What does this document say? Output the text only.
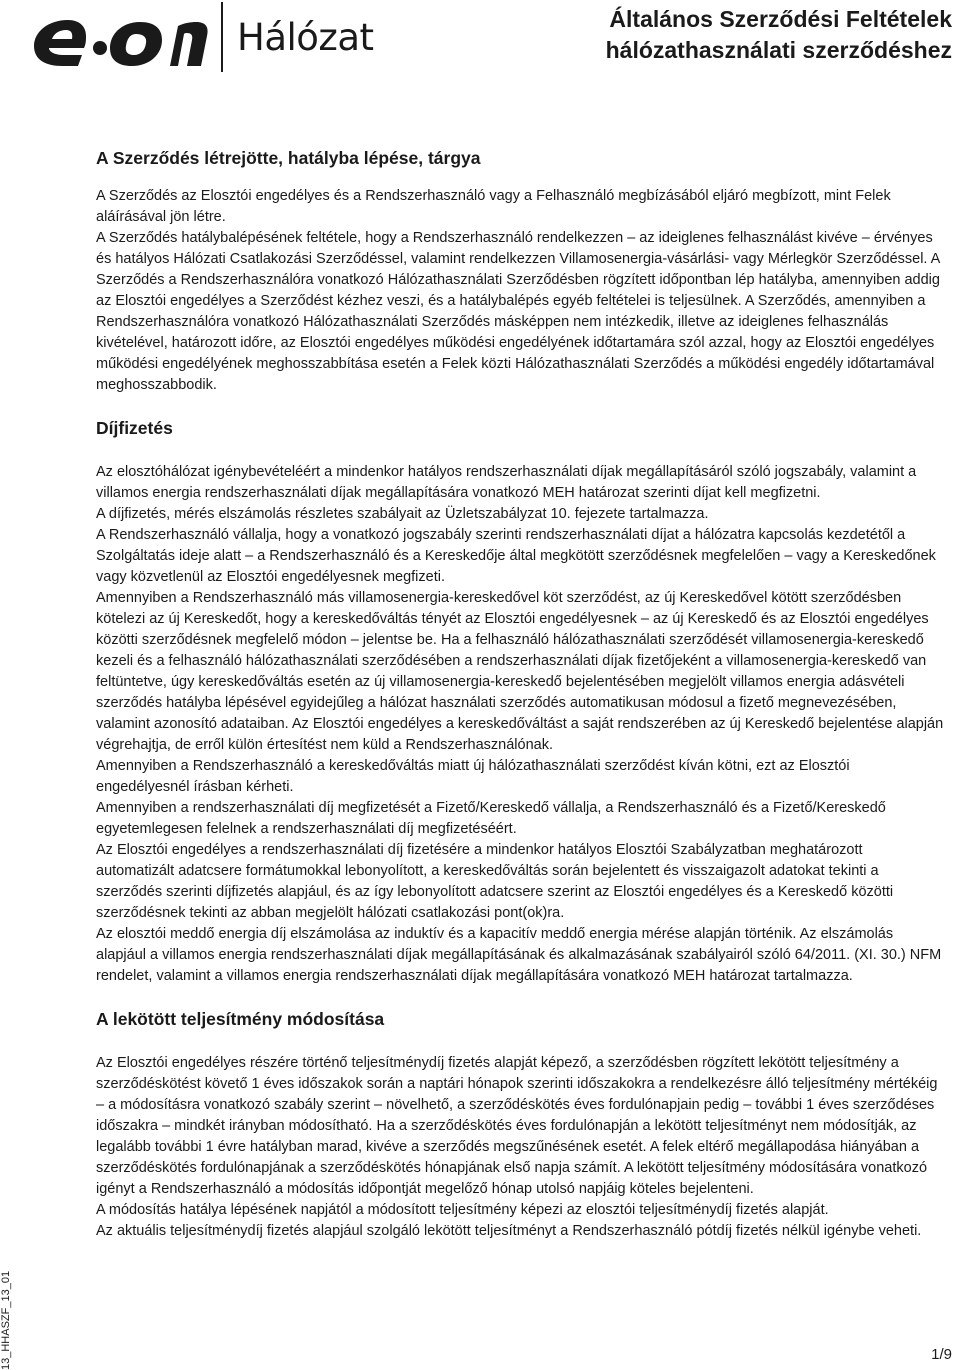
Hálózat	Általános Szerződési Feltételek
hálózathasználati szerződéshez
A Szerződés létrejötte, hatályba lépése, tárgya

A Szerződés az Elosztói engedélyes és a Rendszerhasználó vagy a Felhasználó megbízásából eljáró megbízott, mint Felek aláírásával jön létre.

A Szerződés hatálybalépésének feltétele, hogy a Rendszerhasználó rendelkezzen – az ideiglenes felhasználást kivéve – érvényes és hatályos Hálózati Csatlakozási Szerződéssel, valamint rendelkezzen Villamosenergia-vásárlási- vagy Mérlegkör Szerződéssel. A Szerződés a Rendszerhasználóra vonatkozó Hálózathasználati Szerződésben rögzített időpontban lép hatályba, amennyiben addig az Elosztói engedélyes a Szerződést kézhez veszi, és a hatálybalépés egyéb feltételei is teljesülnek. A Szerződés, amennyiben a Rendszerhasználóra vonatkozó Hálózathasználati Szerződés másképpen nem intézkedik, illetve az ideiglenes felhasználás kivételével, határozott időre, az Elosztói engedélyes működési engedélyének időtartamára szól azzal, hogy az Elosztói engedélyes működési engedélyének meghosszabbítása esetén a Felek közti Hálózathasználati Szerződés a működési engedély időtartamával meghosszabbodik.

Díjfizetés

Az elosztóhálózat igénybevételéért a mindenkor hatályos rendszerhasználati díjak megállapításáról szóló jogszabály, valamint a villamos energia rendszerhasználati díjak megállapítására vonatkozó MEH határozat szerinti díjat kell megfizetni.

A díjfizetés, mérés elszámolás részletes szabályait az Üzletszabályzat 10. fejezete tartalmazza.

A Rendszerhasználó vállalja, hogy a vonatkozó jogszabály szerinti rendszerhasználati díjat a hálózatra kapcsolás kezdetétől a Szolgáltatás ideje alatt – a Rendszerhasználó és a Kereskedője által megkötött szerződésnek megfelelően – vagy a Kereskedőnek vagy közvetlenül az Elosztói engedélyesnek megfizeti.

Amennyiben a Rendszerhasználó más villamosenergia-kereskedővel köt szerződést, az új Kereskedővel kötött szerződésben kötelezi az új Kereskedőt, hogy a kereskedőváltás tényét az Elosztói engedélyesnek – az új Kereskedő és az Elosztói engedélyes közötti szerződésnek megfelelő módon – jelentse be. Ha a felhasználó hálózathasználati szerződését villamosenergia-kereskedő kezeli és a felhasználó hálózathasználati szerződésében a rendszerhasználati díjak fizetőjeként a villamosenergia-kereskedő van feltüntetve, úgy kereskedőváltás esetén az új villamosenergia-kereskedő bejelentésében megjelölt villamos energia adásvételi szerződés hatályba lépésével egyidejűleg a hálózat használati szerződés automatikusan módosul a fizető megnevezésében, valamint azonosító adataiban. Az Elosztói engedélyes a kereskedőváltást a saját rendszerében az új Kereskedő bejelentése alapján végrehajtja, de erről külön értesítést nem küld a Rendszerhasználónak.

Amennyiben a Rendszerhasználó a kereskedőváltás miatt új hálózathasználati szerződést kíván kötni, ezt az Elosztói engedélyesnél írásban kérheti.

Amennyiben a rendszerhasználati díj megfizetését a Fizető/Kereskedő vállalja, a Rendszerhasználó és a Fizető/Kereskedő egyetemlegesen felelnek a rendszerhasználati díj megfizetéséért.

Az Elosztói engedélyes a rendszerhasználati díj fizetésére a mindenkor hatályos Elosztói Szabályzatban meghatározott automatizált adatcsere formátumokkal lebonyolított, a kereskedőváltás során bejelentett és visszaigazolt adatokat tekinti a szerződés szerinti díjfizetés alapjául, és az így lebonyolított adatcsere szerint az Elosztói engedélyes és a Kereskedő közötti szerződésnek tekinti az abban megjelölt hálózati csatlakozási pont(ok)ra.

Az elosztói meddő energia díj elszámolása az induktív és a kapacitív meddő energia mérése alapján történik. Az elszámolás alapjául a villamos energia rendszerhasználati díjak megállapításának és alkalmazásának szabályairól szóló 64/2011. (XI. 30.) NFM rendelet, valamint a villamos energia rendszerhasználati díjak megállapítására vonatkozó MEH határozat tartalmazza.

A lekötött teljesítmény módosítása

Az Elosztói engedélyes részére történő teljesítménydíj fizetés alapját képező, a szerződésben rögzített lekötött teljesítmény a szerződéskötést követő 1 éves időszakok során a naptári hónapok szerinti időszakokra a rendelkezésre álló teljesítmény mértékéig – a módosításra vonatkozó szabály szerint – növelhető, a szerződéskötés éves fordulónapjain pedig – további 1 éves szerződéses időszakra – mindkét irányban módosítható. Ha a szerződéskötés éves fordulónapján a lekötött teljesítményt nem módosítják, az legalább további 1 évre hatályban marad, kivéve a szerződés megszűnésének esetét. A felek eltérő megállapodása hiányában a szerződéskötés fordulónapjának a szerződéskötés hónapjának első napja számít. A lekötött teljesítmény módosítására vonatkozó igényt a Rendszerhasználó a módosítás időpontját megelőző hónap utolsó napjáig köteles bejelenteni.

A módosítás hatálya lépésének napjától a módosított teljesítmény képezi az elosztói teljesítménydíj fizetés alapját.

Az aktuális teljesítménydíj fizetés alapjául szolgáló lekötött teljesítményt a Rendszerhasználó pótdíj fizetés nélkül igénybe veheti.

13_HHASZF_13_01	1/9
